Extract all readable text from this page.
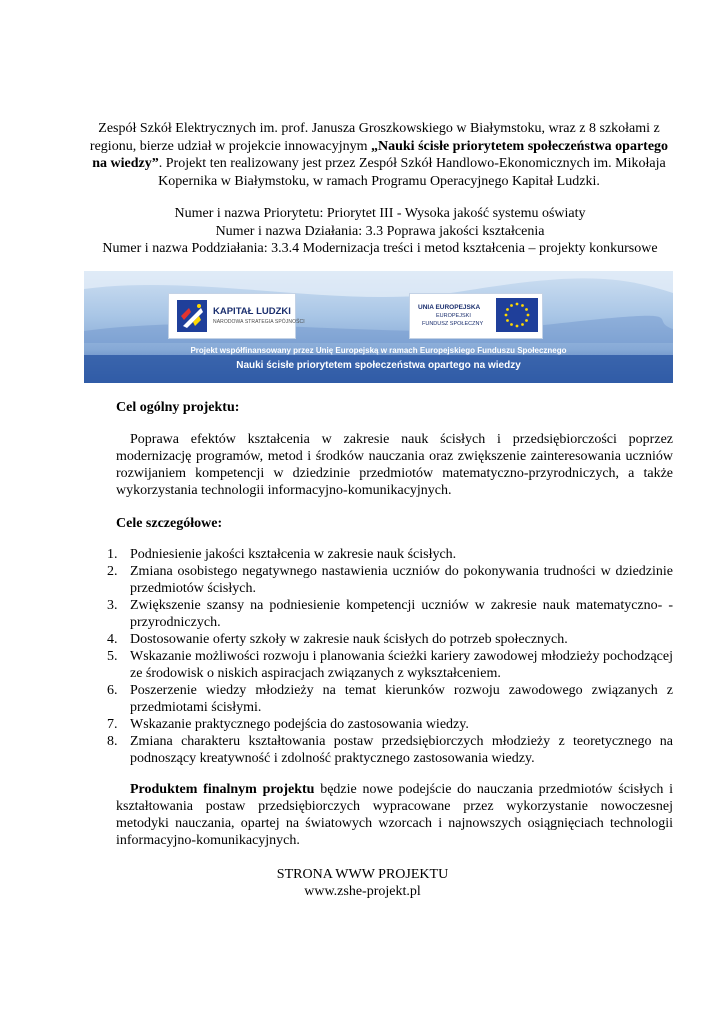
Zespół Szkół Elektrycznych im. prof. Janusza Groszkowskiego w Białymstoku, wraz z 8 szkołami z regionu, bierze udział w projekcie innowacyjnym „Nauki ścisłe priorytetem społeczeństwa opartego na wiedzy”. Projekt ten realizowany jest przez Zespół Szkół Handlowo-Ekonomicznych im. Mikołaja Kopernika w Białymstoku, w ramach Programu Operacyjnego Kapitał Ludzki.

Numer i nazwa Priorytetu: Priorytet III - Wysoka jakość systemu oświaty
Numer i nazwa Działania: 3.3 Poprawa jakości kształcenia
Numer i nazwa Poddziałania: 3.3.4 Modernizacja treści i metod kształcenia – projekty konkursowe
KAPITAŁ LUDZKI
NARODOWA STRATEGIA SPÓJNOŚCI
UNIA EUROPEJSKA
EUROPEJSKI
FUNDUSZ SPOŁECZNY
Projekt współfinansowany przez Unię Europejską w ramach Europejskiego Funduszu Społecznego
Nauki ścisłe priorytetem społeczeństwa opartego na wiedzy
Cel ogólny projektu:

Poprawa efektów kształcenia w zakresie nauk ścisłych i przedsiębiorczości poprzez modernizację programów, metod i środków nauczania oraz zwiększenie zainteresowania uczniów rozwijaniem kompetencji w dziedzinie przedmiotów matematyczno-przyrodniczych, a także wykorzystania technologii informacyjno-komunikacyjnych.

Cele szczegółowe:
1. Podniesienie jakości kształcenia w zakresie nauk ścisłych.
2. Zmiana osobistego negatywnego nastawienia uczniów do pokonywania trudności w dziedzinie przedmiotów ścisłych.
3. Zwiększenie szansy na podniesienie kompetencji uczniów w zakresie nauk matematyczno- -przyrodniczych.
4. Dostosowanie oferty szkoły w zakresie nauk ścisłych do potrzeb społecznych.
5. Wskazanie możliwości rozwoju i planowania ścieżki kariery zawodowej młodzieży pochodzącej ze środowisk o niskich aspiracjach związanych z wykształceniem.
6. Poszerzenie wiedzy młodzieży na temat kierunków rozwoju zawodowego związanych z przedmiotami ścisłymi.
7. Wskazanie praktycznego podejścia do zastosowania wiedzy.
8. Zmiana charakteru kształtowania postaw przedsiębiorczych młodzieży z teoretycznego na podnoszący kreatywność i zdolność praktycznego zastosowania wiedzy.

Produktem finalnym projektu będzie nowe podejście do nauczania przedmiotów ścisłych i kształtowania postaw przedsiębiorczych wypracowane przez wykorzystanie nowoczesnej metodyki nauczania, opartej na światowych wzorcach i najnowszych osiągnięciach technologii informacyjno-komunikacyjnych.

STRONA WWW PROJEKTU
www.zshe-projekt.pl
